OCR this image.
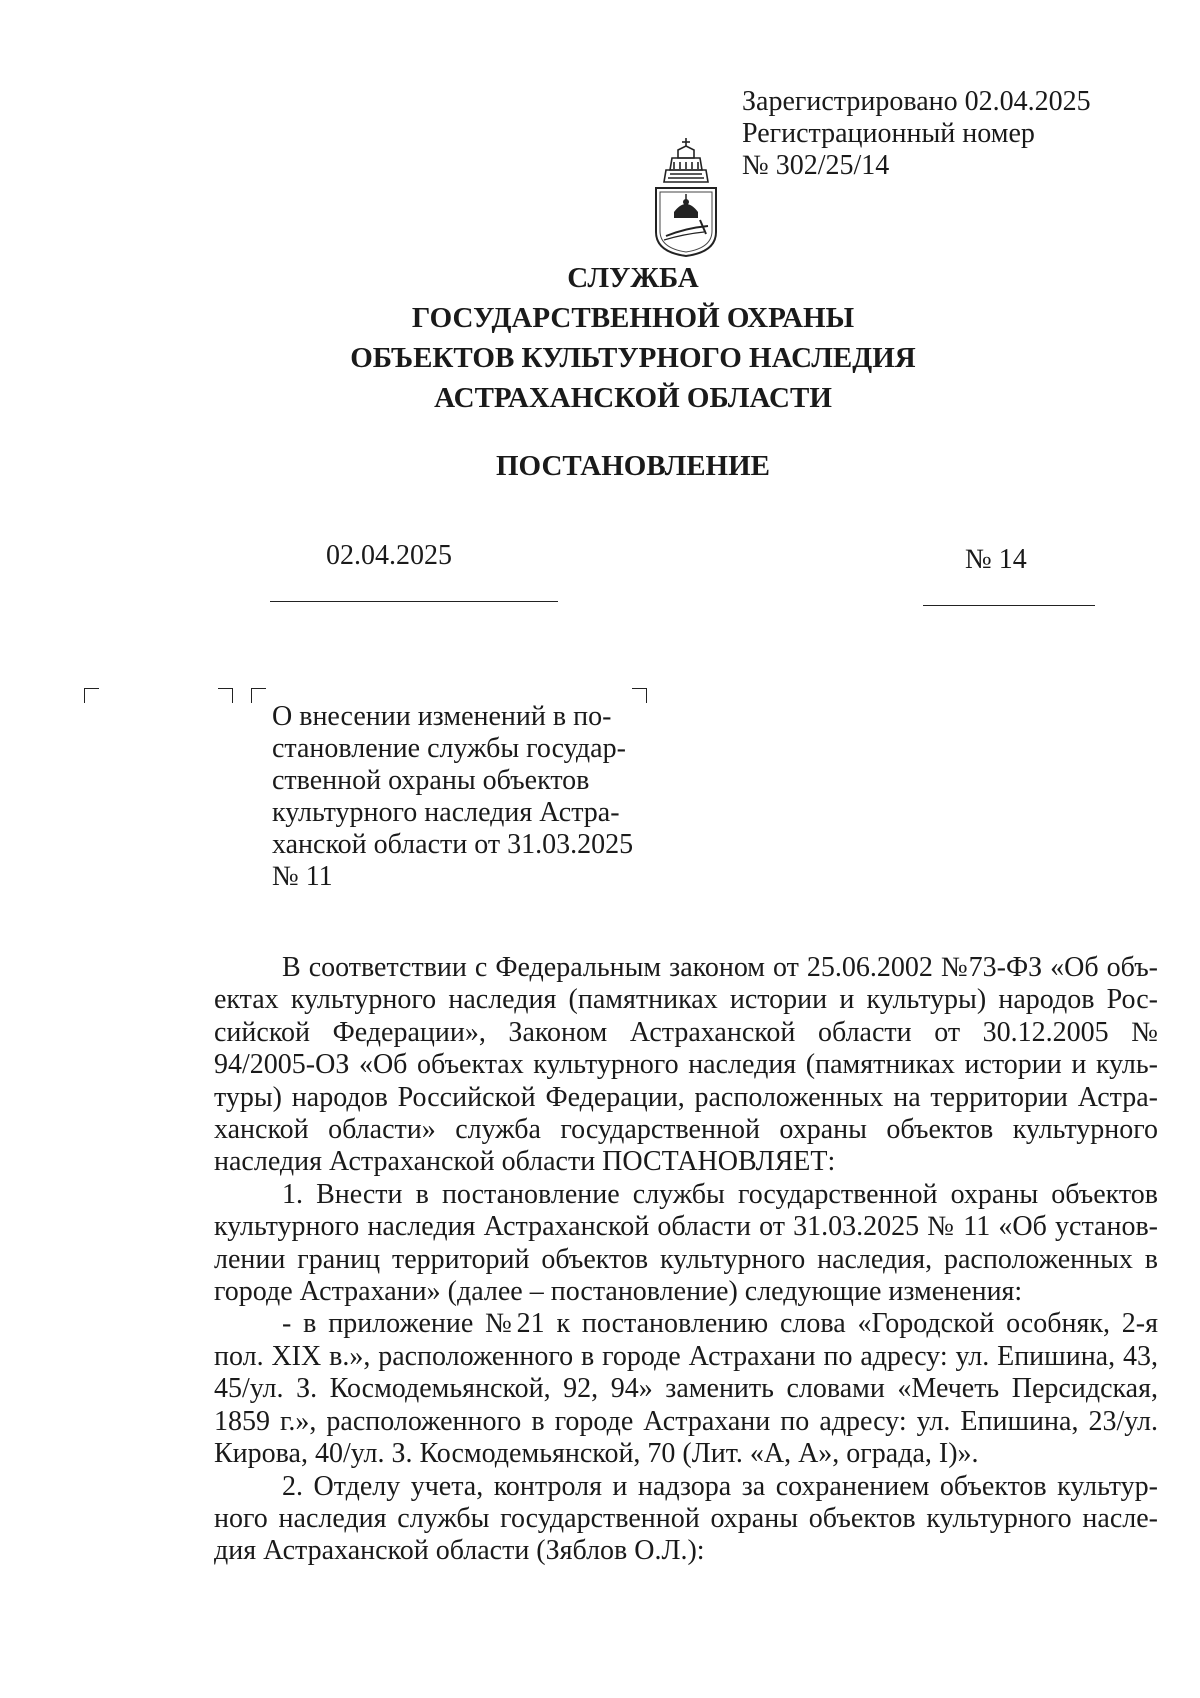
Зарегистрировано 02.04.2025
Регистрационный номер
№ 302/25/14
СЛУЖБА
ГОСУДАРСТВЕННОЙ ОХРАНЫ
ОБЪЕКТОВ КУЛЬТУРНОГО НАСЛЕДИЯ
АСТРАХАНСКОЙ ОБЛАСТИ
ПОСТАНОВЛЕНИЕ
02.04.2025	№ 14
О внесении изменений в по-
становление службы государ-
ственной охраны объектов
культурного наследия Астра-
ханской области от 31.03.2025
№ 11
В соответствии с Федеральным законом от 25.06.2002 №73-ФЗ «Об объ-
ектах культурного наследия (памятниках истории и культуры) народов Рос-
сийской Федерации», Законом Астраханской области от 30.12.2005 №
94/2005-ОЗ «Об объектах культурного наследия (памятниках истории и куль-
туры) народов Российской Федерации, расположенных на территории Астра-
ханской области» служба государственной охраны объектов культурного
наследия Астраханской области ПОСТАНОВЛЯЕТ:
1. Внести в постановление службы государственной охраны объектов
культурного наследия Астраханской области от 31.03.2025 № 11 «Об установ-
лении границ территорий объектов культурного наследия, расположенных в
городе Астрахани» (далее – постановление) следующие изменения:
- в приложение №21 к постановлению слова «Городской особняк, 2-я
пол. XIX в.», расположенного в городе Астрахани по адресу: ул. Епишина, 43,
45/ул. З. Космодемьянской, 92, 94» заменить словами «Мечеть Персидская,
1859 г.», расположенного в городе Астрахани по адресу: ул. Епишина, 23/ул.
Кирова, 40/ул. З. Космодемьянской, 70 (Лит. «А, А», ограда, I)».
2. Отделу учета, контроля и надзора за сохранением объектов культур-
ного наследия службы государственной охраны объектов культурного насле-
дия Астраханской области (Зяблов О.Л.):
